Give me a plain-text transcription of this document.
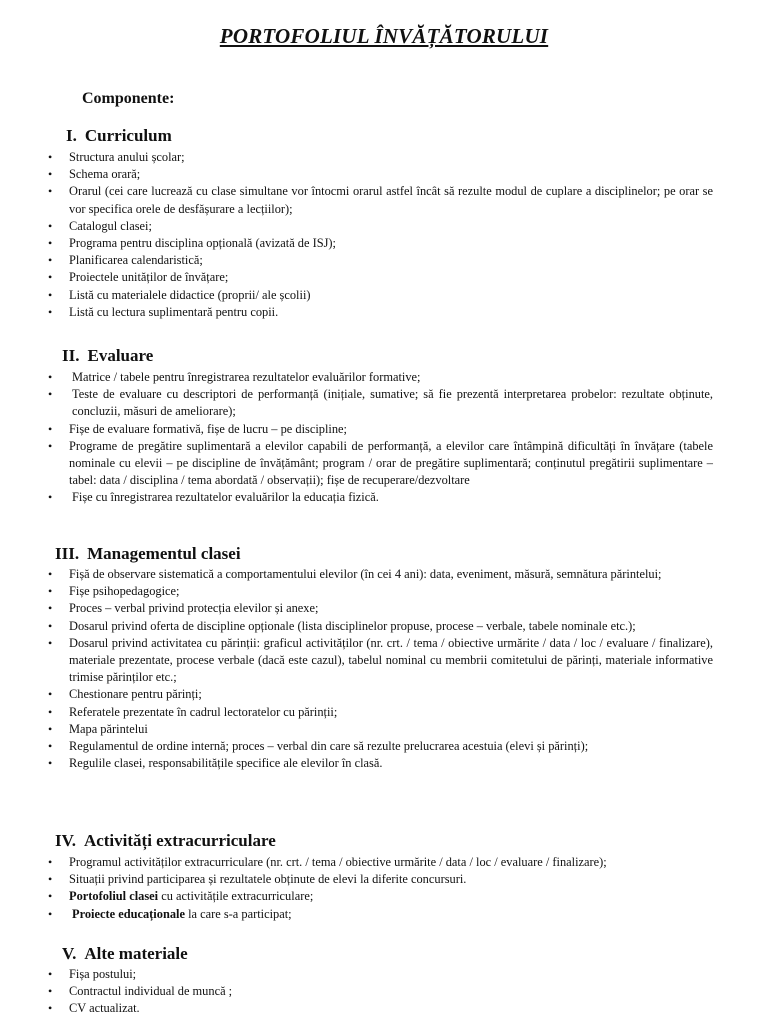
PORTOFOLIUL ÎNVĂȚĂTORULUI
Componente:
I. Curriculum
• Structura anului școlar;
• Schema orară;
• Orarul (cei care lucrează cu clase simultane vor întocmi orarul astfel încât să rezulte modul de cuplare a disciplinelor; pe orar se vor specifica orele de desfășurare a lecțiilor);
• Catalogul clasei;
• Programa pentru disciplina opțională (avizată de ISJ);
• Planificarea calendaristică;
• Proiectele unităților de învățare;
• Listă cu materialele didactice (proprii/ ale școlii)
• Listă cu lectura suplimentară pentru copii.
II. Evaluare
• Matrice / tabele pentru înregistrarea rezultatelor evaluărilor formative;
• Teste de evaluare cu descriptori de performanță (inițiale, sumative; să fie prezentă interpretarea probelor: rezultate obținute, concluzii, măsuri de ameliorare);
• Fișe de evaluare formativă, fișe de lucru – pe discipline;
• Programe de pregătire suplimentară a elevilor capabili de performanță, a elevilor care întâmpină dificultăți în învățare (tabele nominale cu elevii – pe discipline de învățământ; program / orar de pregătire suplimentară; conținutul pregătirii suplimentare – tabel: data / disciplina / tema abordată / observații); fișe de recuperare/dezvoltare
• Fișe cu înregistrarea rezultatelor evaluărilor la educația fizică.
III. Managementul clasei
• Fișă de observare sistematică a comportamentului elevilor (în cei 4 ani): data, eveniment, măsură, semnătura părintelui;
• Fișe psihopedagogice;
• Proces – verbal privind protecția elevilor și anexe;
• Dosarul privind oferta de discipline opționale (lista disciplinelor propuse, procese – verbale, tabele nominale etc.);
• Dosarul privind activitatea cu părinții: graficul activităților (nr. crt. / tema / obiective urmărite / data / loc / evaluare / finalizare), materiale prezentate, procese verbale (dacă este cazul), tabelul nominal cu membrii comitetului de părinți, materiale informative trimise părinților etc.;
• Chestionare pentru părinți;
• Referatele prezentate în cadrul lectoratelor cu părinții;
• Mapa părintelui
• Regulamentul de ordine internă; proces – verbal din care să rezulte prelucrarea acestuia (elevi și părinți);
• Regulile clasei, responsabilitățile specifice ale elevilor în clasă.
IV. Activități extracurriculare
• Programul activităților extracurriculare (nr. crt. / tema / obiective urmărite / data / loc / evaluare / finalizare);
• Situații privind participarea și rezultatele obținute de elevi la diferite concursuri.
• Portofoliul clasei cu activitățile extracurriculare;
• Proiecte educaționale la care s-a participat;
V. Alte materiale
• Fișa postului;
• Contractul individual de muncă ;
• CV actualizat.
